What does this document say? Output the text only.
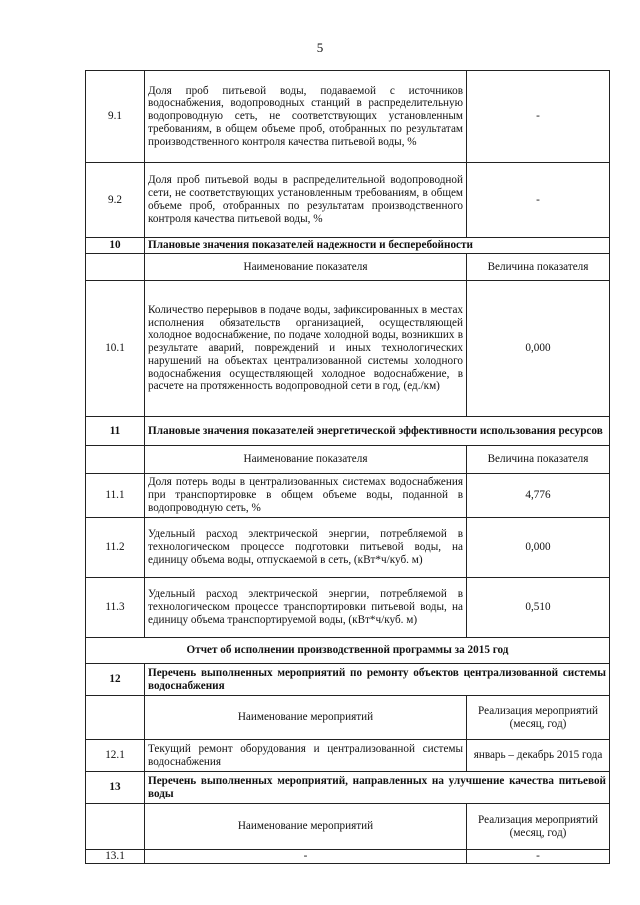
5
9.1	Доля проб питьевой воды, подаваемой с источников водоснабжения, водопроводных станций в распределительную водопроводную сеть, не соответствующих установленным требованиям, в общем объеме проб, отобранных по результатам производственного контроля качества питьевой воды, %	-
9.2	Доля проб питьевой воды в распределительной водопроводной сети, не соответствующих установленным требованиям, в общем объеме проб, отобранных по результатам производственного контроля качества питьевой воды, %	-
10	Плановые значения показателей надежности и бесперебойности	
	Наименование показателя	Величина показателя
10.1	Количество перерывов в подаче воды, зафиксированных в местах исполнения обязательств организацией, осуществляющей холодное водоснабжение, по подаче холодной воды, возникших в результате аварий, повреждений и иных технологических нарушений на объектах централизованной системы холодного водоснабжения осуществляющей холодное водоснабжение, в расчете на протяженность водопроводной сети в год, (ед./км)	0,000
11	Плановые значения показателей энергетической эффективности использования ресурсов	
	Наименование показателя	Величина показателя
11.1	Доля потерь воды в централизованных системах водоснабжения при транспортировке в общем объеме воды, поданной в водопроводную сеть, %	4,776
11.2	Удельный расход электрической энергии, потребляемой в технологическом процессе подготовки питьевой воды, на единицу объема воды, отпускаемой в сеть, (кВт*ч/куб. м)	0,000
11.3	Удельный расход электрической энергии, потребляемой в технологическом процессе транспортировки питьевой воды, на единицу объема транспортируемой воды, (кВт*ч/куб. м)	0,510
Отчет об исполнении производственной программы за 2015 год		
12	Перечень выполненных мероприятий по ремонту объектов централизованной системы водоснабжения	
	Наименование мероприятий	Реализация мероприятий (месяц, год)
12.1	Текущий ремонт оборудования и централизованной системы водоснабжения	январь – декабрь 2015 года
13	Перечень выполненных мероприятий, направленных на улучшение качества питьевой воды	
	Наименование мероприятий	Реализация мероприятий (месяц, год)
13.1	-	-
